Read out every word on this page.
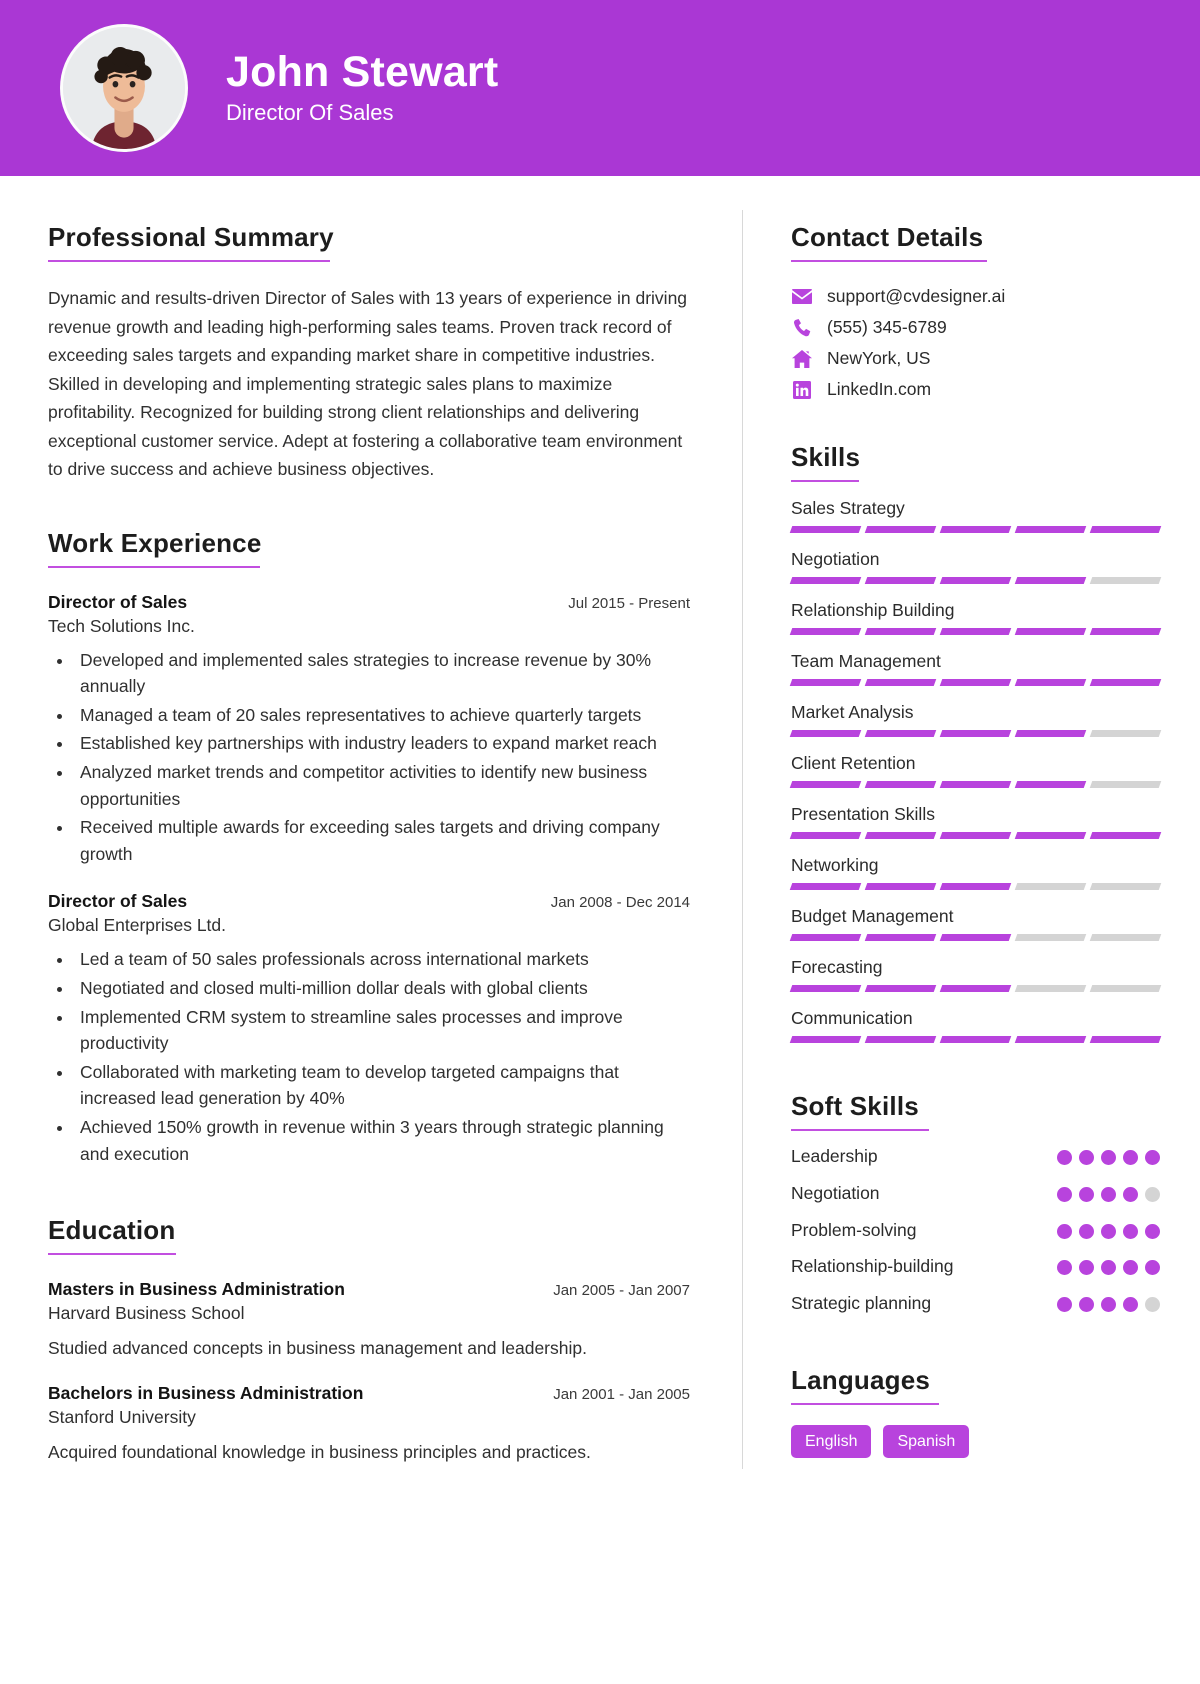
John Stewart
Director Of Sales
Professional Summary

Dynamic and results-driven Director of Sales with 13 years of experience in driving revenue growth and leading high-performing sales teams. Proven track record of exceeding sales targets and expanding market share in competitive industries. Skilled in developing and implementing strategic sales plans to maximize profitability. Recognized for building strong client relationships and delivering exceptional customer service. Adept at fostering a collaborative team environment to drive success and achieve business objectives.

Work Experience
Director of Sales	Jul 2015 - Present
Tech Solutions Inc.
• Developed and implemented sales strategies to increase revenue by 30% annually
• Managed a team of 20 sales representatives to achieve quarterly targets
• Established key partnerships with industry leaders to expand market reach
• Analyzed market trends and competitor activities to identify new business opportunities
• Received multiple awards for exceeding sales targets and driving company growth
Director of Sales	Jan 2008 - Dec 2014
Global Enterprises Ltd.
• Led a team of 50 sales professionals across international markets
• Negotiated and closed multi-million dollar deals with global clients
• Implemented CRM system to streamline sales processes and improve productivity
• Collaborated with marketing team to develop targeted campaigns that increased lead generation by 40%
• Achieved 150% growth in revenue within 3 years through strategic planning and execution
Education
Masters in Business Administration	Jan 2005 - Jan 2007
Harvard Business School
Studied advanced concepts in business management and leadership.
Bachelors in Business Administration	Jan 2001 - Jan 2005
Stanford University
Acquired foundational knowledge in business principles and practices.
Contact Details
support@cvdesigner.ai
(555) 345-6789
NewYork, US
LinkedIn.com
Skills
Sales Strategy
Negotiation
Relationship Building
Team Management
Market Analysis
Client Retention
Presentation Skills
Networking
Budget Management
Forecasting
Communication
Soft Skills
Leadership
Negotiation
Problem-solving
Relationship-building
Strategic planning
Languages
English	Spanish
